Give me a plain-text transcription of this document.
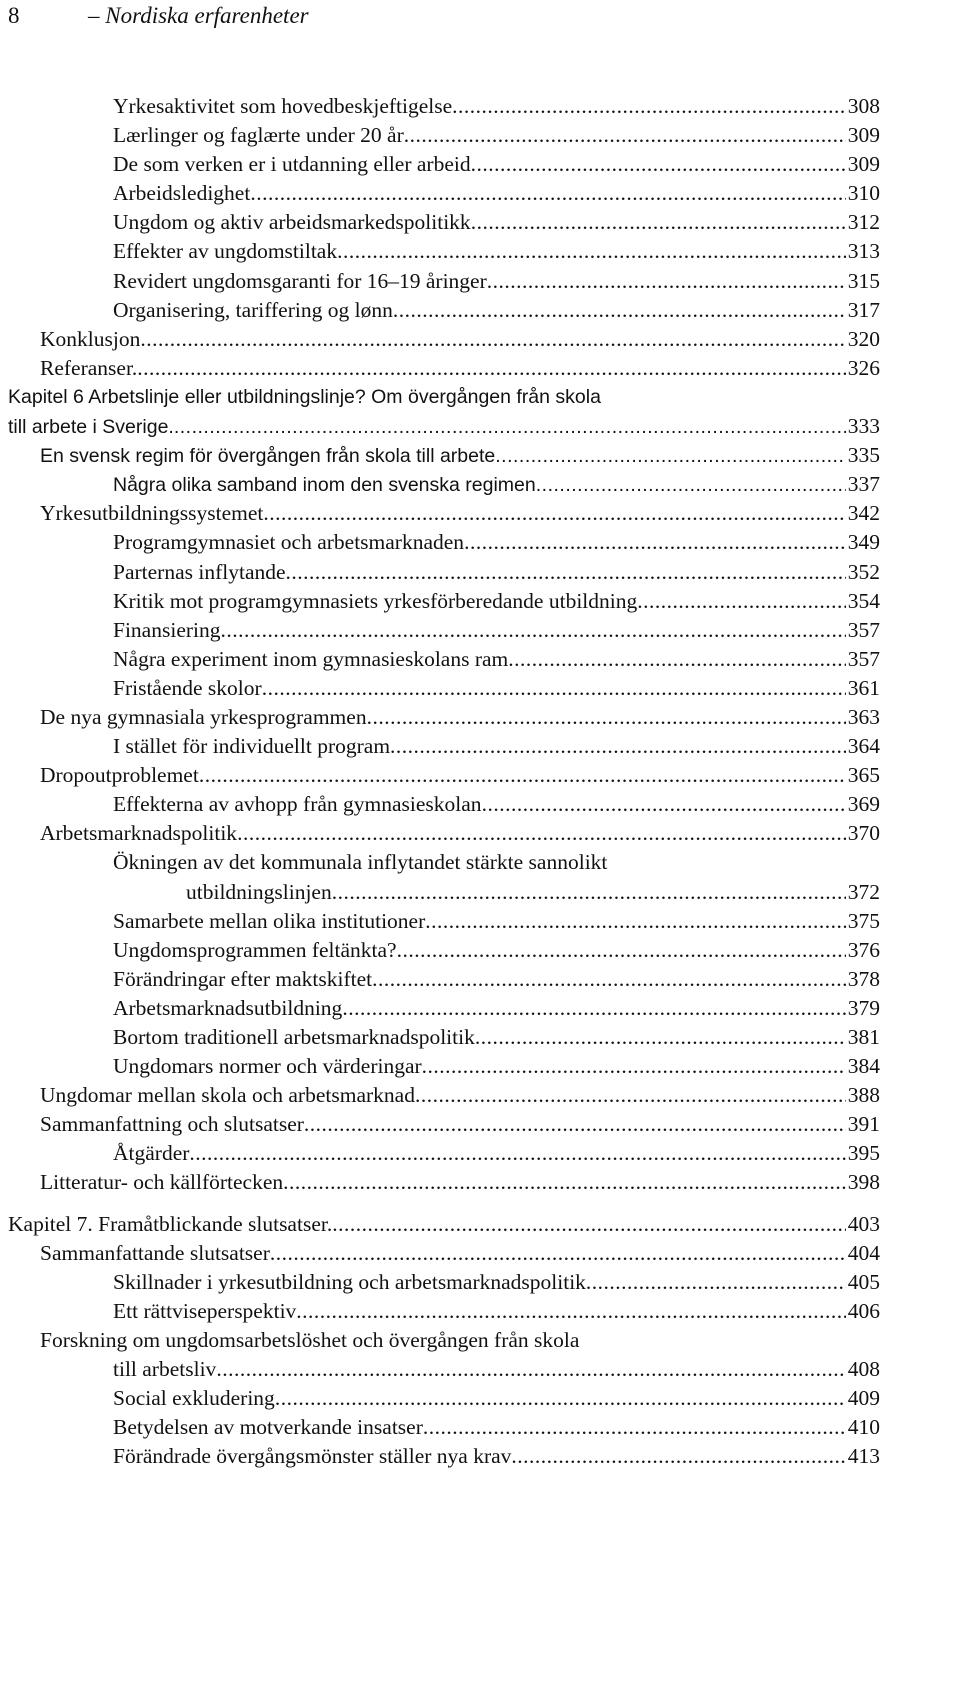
8	– Nordiska erfarenheter
Yrkesaktivitet som hovedbeskjeftigelse .....	308
Lærlinger og faglærte under 20 år .....	309
De som verken er i utdanning eller arbeid .....	309
Arbeidsledighet .....	310
Ungdom og aktiv arbeidsmarkedspolitikk .....	312
Effekter av ungdomstiltak .....	313
Revidert ungdomsgaranti for 16–19 åringer .....	315
Organisering, tariffering og lønn .....	317
Konklusjon .....	320
Referanser. .....	326
Kapitel 6 Arbetslinje eller utbildningslinje? Om övergången från skola
till arbete i Sverige. .....	333
En svensk regim för övergången från skola till arbete .....	335
Några olika samband inom den svenska regimen .....	337
Yrkesutbildningssystemet .....	342
Programgymnasiet och arbetsmarknaden .....	349
Parternas inflytande .....	352
Kritik mot programgymnasiets yrkesförberedande utbildning .....	354
Finansiering .....	357
Några experiment inom gymnasieskolans ram .....	357
Fristående skolor .....	361
De nya gymnasiala yrkesprogrammen .....	363
I stället för individuellt program .....	364
Dropoutproblemet .....	365
Effekterna av avhopp från gymnasieskolan .....	369
Arbetsmarknadspolitik .....	370
Ökningen av det kommunala inflytandet stärkte sannolikt
utbildningslinjen .....	372
Samarbete mellan olika institutioner .....	375
Ungdomsprogrammen feltänkta? .....	376
Förändringar efter maktskiftet .....	378
Arbetsmarknadsutbildning .....	379
Bortom traditionell arbetsmarknadspolitik .....	381
Ungdomars normer och värderingar .....	384
Ungdomar mellan skola och arbetsmarknad .....	388
Sammanfattning och slutsatser .....	391
Åtgärder .....	395
Litteratur- och källförtecken .....	398
Kapitel 7. Framåtblickande slutsatser. .....	403
Sammanfattande slutsatser .....	404
Skillnader i yrkesutbildning och arbetsmarknadspolitik .....	405
Ett rättviseperspektiv .....	406
Forskning om ungdomsarbetslöshet och övergången från skola
till arbetsliv .....	408
Social exkludering .....	409
Betydelsen av motverkande insatser .....	410
Förändrade övergångsmönster ställer nya krav .....	413
